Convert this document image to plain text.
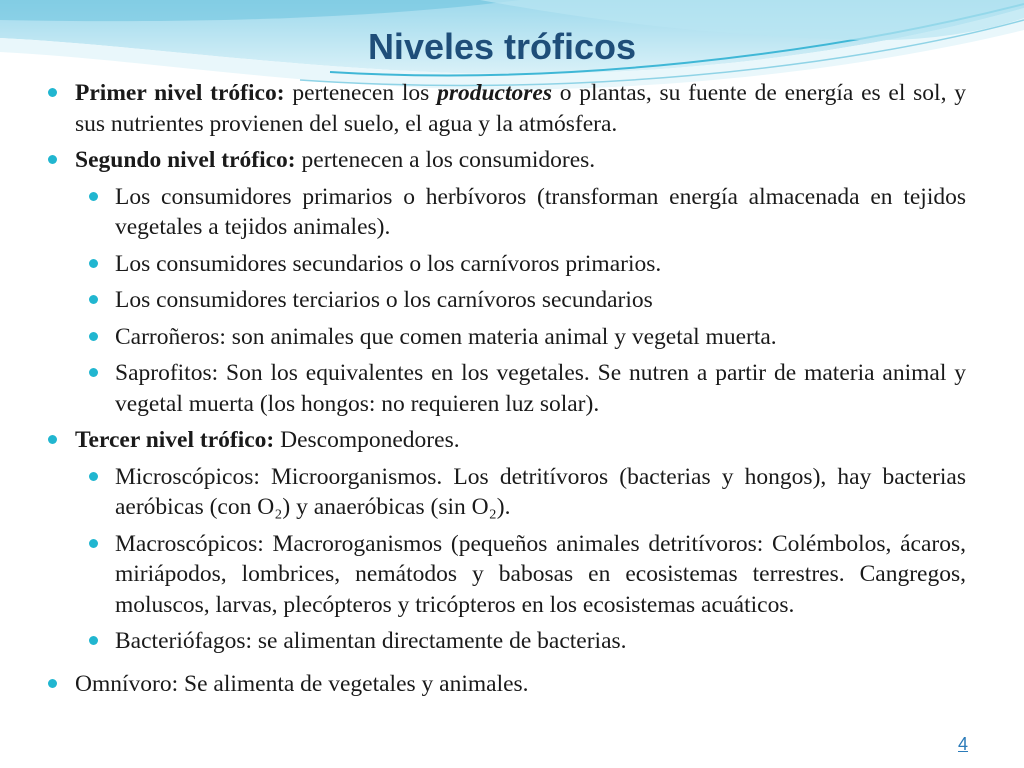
Niveles tróficos
Primer nivel trófico: pertenecen los productores o plantas, su fuente de energía es el sol, y sus nutrientes provienen del suelo, el agua y la atmósfera.
Segundo nivel trófico: pertenecen a los consumidores.
Los consumidores primarios o herbívoros (transforman energía almacenada en tejidos vegetales a tejidos animales).
Los consumidores secundarios o los carnívoros primarios.
Los consumidores terciarios o los carnívoros secundarios
Carroñeros: son animales que comen materia animal y vegetal muerta.
Saprofitos: Son los equivalentes en los vegetales. Se nutren a partir de materia animal y vegetal muerta (los hongos: no requieren luz solar).
Tercer nivel trófico: Descomponedores.
Microscópicos: Microorganismos. Los detritívoros (bacterias y hongos), hay bacterias aeróbicas (con O₂) y anaeróbicas (sin O₂).
Macroscópicos: Macroroganismos (pequeños animales detritívoros: Colémbolos, ácaros, miriápodos, lombrices, nemátodos y babosas en ecosistemas terrestres. Cangregos, moluscos, larvas, plecópteros y tricópteros en los ecosistemas acuáticos.
Bacteriófagos: se alimentan directamente de bacterias.
Omnívoro: Se alimenta de vegetales y animales.
4
